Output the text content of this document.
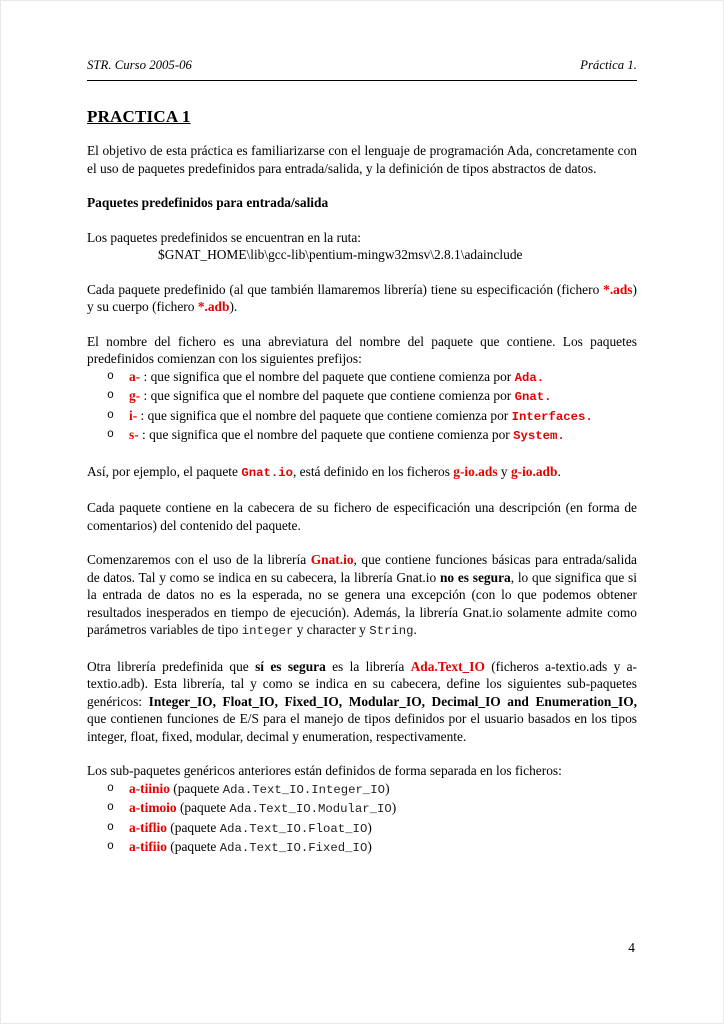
STR. Curso 2005-06	Práctica 1.
PRACTICA 1

El objetivo de esta práctica es familiarizarse con el lenguaje de programación Ada, concretamente con el uso de paquetes predefinidos para entrada/salida, y la definición de tipos abstractos de datos.

Paquetes predefinidos para entrada/salida

Los paquetes predefinidos se encuentran en la ruta:

$GNAT_HOME\lib\gcc-lib\pentium-mingw32msv\2.8.1\adainclude

Cada paquete predefinido (al que también llamaremos librería) tiene su especificación (fichero *.ads) y su cuerpo (fichero *.adb).

El nombre del fichero es una abreviatura del nombre del paquete que contiene. Los paquetes predefinidos comienzan con los siguientes prefijos:

o a- : que significa que el nombre del paquete que contiene comienza por Ada.
o g- : que significa que el nombre del paquete que contiene comienza por Gnat.
o i- : que significa que el nombre del paquete que contiene comienza por Interfaces.
o s- : que significa que el nombre del paquete que contiene comienza por System.

Así, por ejemplo, el paquete Gnat.io, está definido en los ficheros g-io.ads y g-io.adb.

Cada paquete contiene en la cabecera de su fichero de especificación una descripción (en forma de comentarios) del contenido del paquete.

Comenzaremos con el uso de la librería Gnat.io, que contiene funciones básicas para entrada/salida de datos. Tal y como se indica en su cabecera, la librería Gnat.io no es segura, lo que significa que si la entrada de datos no es la esperada, no se genera una excepción (con lo que podemos obtener resultados inesperados en tiempo de ejecución). Además, la librería Gnat.io solamente admite como parámetros variables de tipo integer y character y String.

Otra librería predefinida que sí es segura es la librería Ada.Text_IO (ficheros a-textio.ads y a-textio.adb). Esta librería, tal y como se indica en su cabecera, define los siguientes sub-paquetes genéricos: Integer_IO, Float_IO, Fixed_IO, Modular_IO, Decimal_IO and Enumeration_IO, que contienen funciones de E/S para el manejo de tipos definidos por el usuario basados en los tipos integer, float, fixed, modular, decimal y enumeration, respectivamente.

Los sub-paquetes genéricos anteriores están definidos de forma separada en los ficheros:

o a-tiinio (paquete Ada.Text_IO.Integer_IO)
o a-timoio (paquete Ada.Text_IO.Modular_IO)
o a-tiflio (paquete Ada.Text_IO.Float_IO)
o a-tifiio (paquete Ada.Text_IO.Fixed_IO)
4
